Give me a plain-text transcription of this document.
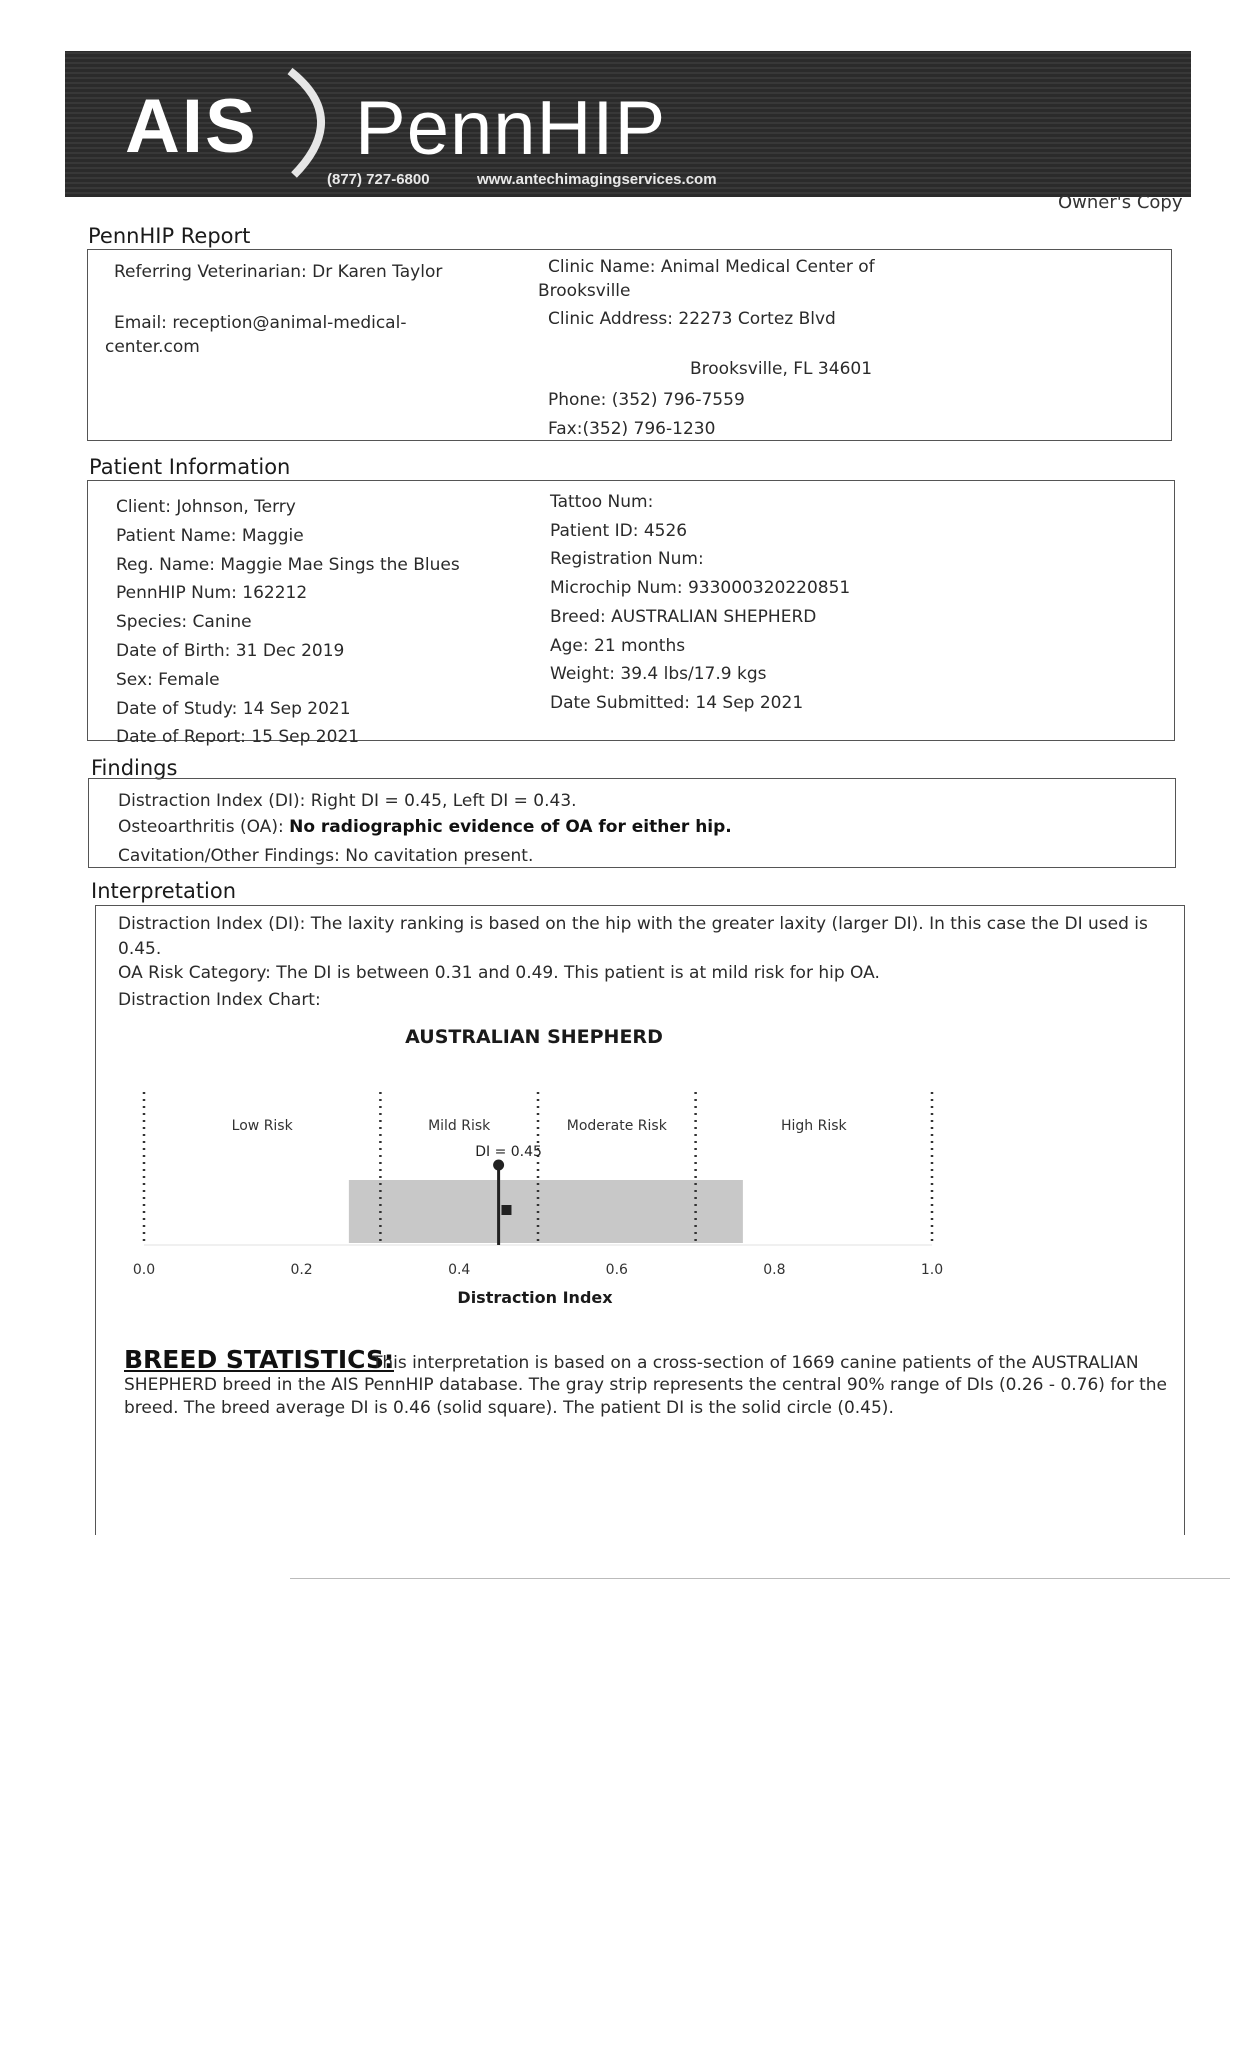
AIS PennHIP
(877) 727-6800	www.antechimagingservices.com
Owner's Copy
PennHIP Report
Referring Veterinarian: Dr Karen Taylor
Email: reception@animal-medical-
center.com
Clinic Name: Animal Medical Center of
Brooksville
Clinic Address: 22273 Cortez Blvd
Brooksville, FL 34601
Phone: (352) 796-7559
Fax:(352) 796-1230
Patient Information
Findings
Distraction Index (DI): Right DI = 0.45, Left DI = 0.43.
Osteoarthritis (OA): No radiographic evidence of OA for either hip.
Cavitation/Other Findings: No cavitation present.
Interpretation
Distraction Index (DI): The laxity ranking is based on the hip with the greater laxity (larger DI). In this case the DI used is
0.45.
OA Risk Category: The DI is between 0.31 and 0.49. This patient is at mild risk for hip OA.
Distraction Index Chart:
AUSTRALIAN SHEPHERD
Low Risk	Mild Risk	Moderate Risk	High Risk
0.0	0.2	0.4	0.6	0.8	1.0
DI = 0.45
Distraction Index
BREED STATISTICS:
This interpretation is based on a cross-section of 1669 canine patients of the AUSTRALIAN
SHEPHERD breed in the AIS PennHIP database. The gray strip represents the central 90% range of DIs (0.26 - 0.76) for the
breed. The breed average DI is 0.46 (solid square). The patient DI is the solid circle (0.45).
Client: Johnson, Terry
Patient Name: Maggie
Reg. Name: Maggie Mae Sings the Blues
PennHIP Num: 162212
Species: Canine
Date of Birth: 31 Dec 2019
Sex: Female
Date of Study: 14 Sep 2021
Date of Report: 15 Sep 2021
Tattoo Num:
Patient ID: 4526
Registration Num:
Microchip Num: 933000320220851
Breed: AUSTRALIAN SHEPHERD
Age: 21 months
Weight: 39.4 lbs/17.9 kgs
Date Submitted: 14 Sep 2021
